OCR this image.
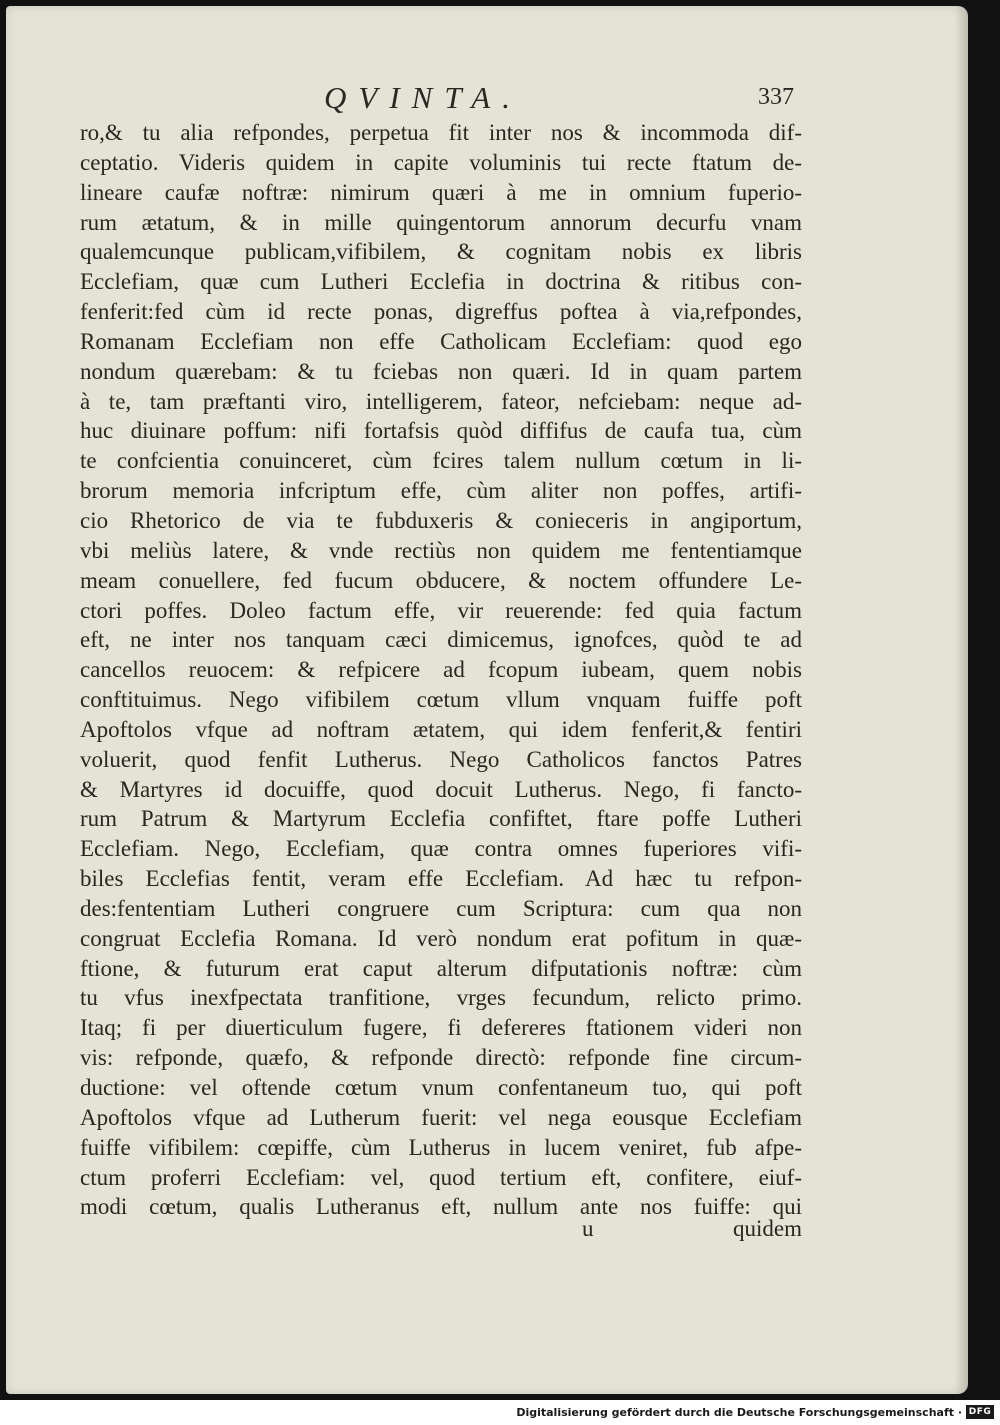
QVINTA.	337
ro,& tu alia refpondes, perpetua fit inter nos & incommoda dif-
ceptatio. Videris quidem in capite voluminis tui recte ftatum de-
lineare caufæ noftræ: nimirum quæri à me in omnium fuperio-
rum ætatum, & in mille quingentorum annorum decurfu vnam
qualemcunque publicam,vifibilem, & cognitam nobis ex libris
Ecclefiam, quæ cum Lutheri Ecclefia in doctrina & ritibus con-
fenferit:fed cùm id recte ponas, digreffus poftea à via,refpondes,
Romanam Ecclefiam non effe Catholicam Ecclefiam: quod ego
nondum quærebam: & tu fciebas non quæri. Id in quam partem
à te, tam præftanti viro, intelligerem, fateor, nefciebam: neque ad-
huc diuinare poffum: nifi fortafsis quòd diffifus de caufa tua, cùm
te confcientia conuinceret, cùm fcires talem nullum cœtum in li-
brorum memoria infcriptum effe, cùm aliter non poffes, artifi-
cio Rhetorico de via te fubduxeris & conieceris in angiportum,
vbi meliùs latere, & vnde rectiùs non quidem me fententiamque
meam conuellere, fed fucum obducere, & noctem offundere Le-
ctori poffes. Doleo factum effe, vir reuerende: fed quia factum
eft, ne inter nos tanquam cæci dimicemus, ignofces, quòd te ad
cancellos reuocem: & refpicere ad fcopum iubeam, quem nobis
conftituimus. Nego vifibilem cœtum vllum vnquam fuiffe poft
Apoftolos vfque ad noftram ætatem, qui idem fenferit,& fentiri
voluerit, quod fenfit Lutherus. Nego Catholicos fanctos Patres
& Martyres id docuiffe, quod docuit Lutherus. Nego, fi fancto-
rum Patrum & Martyrum Ecclefia confiftet, ftare poffe Lutheri
Ecclefiam. Nego, Ecclefiam, quæ contra omnes fuperiores vifi-
biles Ecclefias fentit, veram effe Ecclefiam. Ad hæc tu refpon-
des:fententiam Lutheri congruere cum Scriptura: cum qua non
congruat Ecclefia Romana. Id verò nondum erat pofitum in quæ-
ftione, & futurum erat caput alterum difputationis noftræ: cùm
tu vfus inexfpectata tranfitione, vrges fecundum, relicto primo.
Itaq; fi per diuerticulum fugere, fi defereres ftationem videri non
vis: refponde, quæfo, & refponde directò: refponde fine circum-
ductione: vel oftende cœtum vnum confentaneum tuo, qui poft
Apoftolos vfque ad Lutherum fuerit: vel nega eousque Ecclefiam
fuiffe vifibilem: cœpiffe, cùm Lutherus in lucem veniret, fub afpe-
ctum proferri Ecclefiam: vel, quod tertium eft, confitere, eiuf-
modi cœtum, qualis Lutheranus eft, nullum ante nos fuiffe: qui
u	quidem
Digitalisierung gefördert durch die Deutsche Forschungsgemeinschaft · DFG
